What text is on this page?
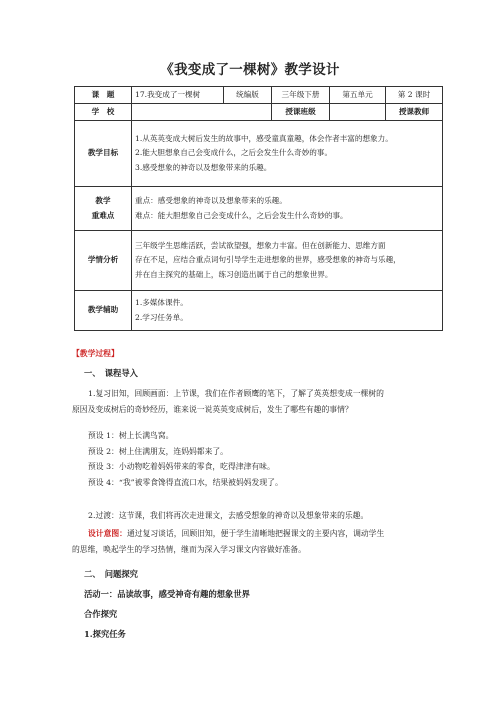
《我变成了一棵树》教学设计
课　题	17.我变成了一棵树	统编版	三年级下册	第五单元	第 2 课时
学　校			授课班级		授课教师
教学目标	1.从英英变成大树后发生的故事中，感受童真童趣，体会作者丰富的想象力。
2.能大胆想象自己会变成什么，之后会发生什么奇妙的事。
3.感受想象的神奇以及想象带来的乐趣。				

教学
重难点	重点：感受想象的神奇以及想象带来的乐趣。
难点：能大胆想象自己会变成什么，之后会发生什么奇妙的事。				

学情分析	三年级学生思维活跃，尝试欲望强，想象力丰富。但在创新能力、思维方面
存在不足，应结合重点词句引导学生走进想象的世界，感受想象的神奇与乐趣，
并在自主探究的基础上，练习创造出属于自己的想象世界。				

教学辅助	1.多媒体课件。
2.学习任务单。				
【教学过程】
一、　课程导入
1.复习旧知，回顾画面：上节课，我们在作者顾鹰的笔下，了解了英英想变成一棵树的
原因及变成树后的奇妙经历，谁来说一说英英变成树后，发生了哪些有趣的事情？
预设 1：树上长满鸟窝。
预设 2：树上住满朋友，连妈妈都来了。
预设 3：小动物吃着妈妈带来的零食，吃得津津有味。
预设 4：“我”被零食馋得直流口水，结果被妈妈发现了。
2.过渡：这节课，我们将再次走进课文，去感受想象的神奇以及想象带来的乐趣。
设计意图：通过复习谈话，回顾旧知，便于学生清晰地把握课文的主要内容，调动学生
的思维，唤起学生的学习热情，继而为深入学习课文内容做好准备。
二、　问题探究
活动一：品读故事，感受神奇有趣的想象世界
合作探究
1.探究任务
